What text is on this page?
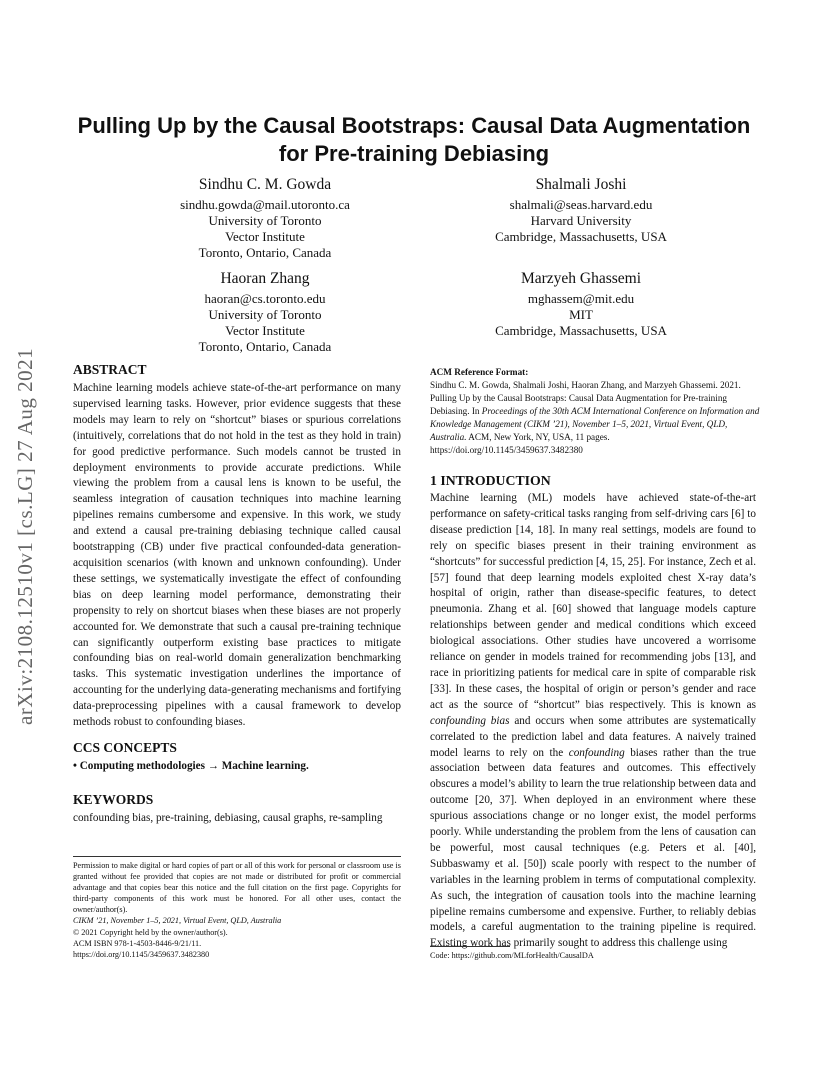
Pulling Up by the Causal Bootstraps: Causal Data Augmentation
for Pre-training Debiasing
arXiv:2108.12510v1 [cs.LG] 27 Aug 2021
Sindhu C. M. Gowda
sindhu.gowda@mail.utoronto.ca
University of Toronto
Vector Institute
Toronto, Ontario, Canada
Shalmali Joshi
shalmali@seas.harvard.edu
Harvard University
Cambridge, Massachusetts, USA
Haoran Zhang
haoran@cs.toronto.edu
University of Toronto
Vector Institute
Toronto, Ontario, Canada
Marzyeh Ghassemi
mghassem@mit.edu
MIT
Cambridge, Massachusetts, USA
ABSTRACT
Machine learning models achieve state-of-the-art performance on many supervised learning tasks. However, prior evidence suggests that these models may learn to rely on “shortcut” biases or spurious correlations (intuitively, correlations that do not hold in the test as they hold in train) for good predictive performance. Such models cannot be trusted in deployment environments to provide accurate predictions. While viewing the problem from a causal lens is known to be useful, the seamless integration of causation techniques into machine learning pipelines remains cumbersome and expensive. In this work, we study and extend a causal pre-training debiasing technique called causal bootstrapping (CB) under five practical confounded-data generation-acquisition scenarios (with known and unknown confounding). Under these settings, we systematically investigate the effect of confounding bias on deep learning model performance, demonstrating their propensity to rely on shortcut biases when these biases are not properly accounted for. We demonstrate that such a causal pre-training technique can significantly outperform existing base practices to mitigate confounding bias on real-world domain generalization benchmarking tasks. This systematic investigation underlines the importance of accounting for the underlying data-generating mechanisms and fortifying data-preprocessing pipelines with a causal framework to develop methods robust to confounding biases.
CCS CONCEPTS
• Computing methodologies → Machine learning.
KEYWORDS
confounding bias, pre-training, debiasing, causal graphs, re-sampling
Permission to make digital or hard copies of part or all of this work for personal or classroom use is granted without fee provided that copies are not made or distributed for profit or commercial advantage and that copies bear this notice and the full citation on the first page. Copyrights for third-party components of this work must be honored. For all other uses, contact the owner/author(s).
CIKM ’21, November 1–5, 2021, Virtual Event, QLD, Australia
© 2021 Copyright held by the owner/author(s).
ACM ISBN 978-1-4503-8446-9/21/11.
https://doi.org/10.1145/3459637.3482380
ACM Reference Format:
Sindhu C. M. Gowda, Shalmali Joshi, Haoran Zhang, and Marzyeh Ghassemi. 2021. Pulling Up by the Causal Bootstraps: Causal Data Augmentation for Pre-training Debiasing. In Proceedings of the 30th ACM International Conference on Information and Knowledge Management (CIKM ’21), November 1–5, 2021, Virtual Event, QLD, Australia. ACM, New York, NY, USA, 11 pages. https://doi.org/10.1145/3459637.3482380
1 INTRODUCTION
Machine learning (ML) models have achieved state-of-the-art performance on safety-critical tasks ranging from self-driving cars [6] to disease prediction [14, 18]. In many real settings, models are found to rely on specific biases present in their training environment as “shortcuts” for successful prediction [4, 15, 25]. For instance, Zech et al. [57] found that deep learning models exploited chest X-ray data’s hospital of origin, rather than disease-specific features, to detect pneumonia. Zhang et al. [60] showed that language models capture relationships between gender and medical conditions which exceed biological associations. Other studies have uncovered a worrisome reliance on gender in models trained for recommending jobs [13], and race in prioritizing patients for medical care in spite of comparable risk [33]. In these cases, the hospital of origin or person’s gender and race act as the source of “shortcut” bias respectively. This is known as confounding bias and occurs when some attributes are systematically correlated to the prediction label and data features. A naively trained model learns to rely on the confounding biases rather than the true association between data features and outcomes. This effectively obscures a model’s ability to learn the true relationship between data and outcome [20, 37]. When deployed in an environment where these spurious associations change or no longer exist, the model performs poorly. While understanding the problem from the lens of causation can be powerful, most causal techniques (e.g. Peters et al. [40], Subbaswamy et al. [50]) scale poorly with respect to the number of variables in the learning problem in terms of computational complexity. As such, the integration of causation tools into the machine learning pipeline remains cumbersome and expensive. Further, to reliably debias models, a careful augmentation to the training pipeline is required. Existing work has primarily sought to address this challenge using
Code: https://github.com/MLforHealth/CausalDA
